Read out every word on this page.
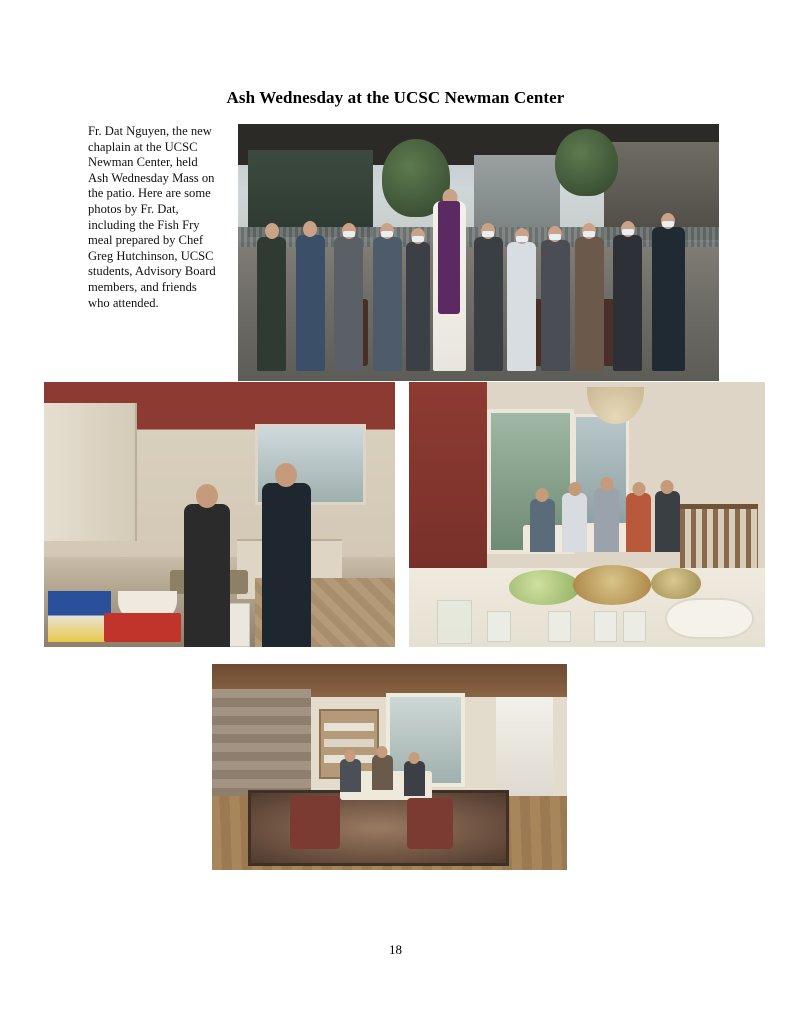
Ash Wednesday at the UCSC Newman Center
Fr. Dat Nguyen, the new chaplain at the UCSC Newman Center, held Ash Wednesday Mass on the patio. Here are some photos by Fr. Dat, including the Fish Fry meal prepared by Chef Greg Hutchinson, UCSC students, Advisory Board members, and friends who attended.
18
